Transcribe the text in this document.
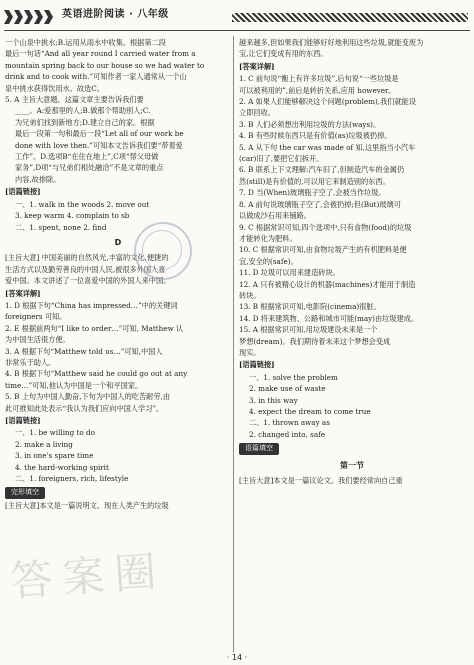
英语进阶阅读 · 八年级

一个山泉中挑水;B.运用从雨水中收集。根据第二段

最后一句话“And all year round I carried water from a

mountain spring back to our house so we had water to

drink and to cook with.”可知作者一家人通常从一个山

泉中挑水获得饮用水。故选C。

5. A 主旨大意题。这篇文章主要告诉我们要

____。A:爱那里的人;B.做那个帮助别人;C.

为兄弟们找到新地方;D.建立自己的家。根据

最后一段第一句和最后一段“Let all of our work be

done with love then.”可知本文告诉我们要“带着爱

工作”。D.选项B“在住在地上”,C项“帮父母做

家务”,D项“与兄弟们相处融洽”不是文章的重点

内容,故排除。

[语篇链接]

一、1. walk in the woods 2. move out

3. keep warm 4. complain to sb

二、1. spent, none 2. find

D

[主旨大意] 中国美丽的自然风光,丰富的文化,便捷的

生活方式以及勤劳善良的中国人民,被很多外国人喜

爱中国。本文讲述了一位喜爱中国的外国人来中国。

[答案详解]

1. D 根据下句“China has impressed…”中的关键词

foreigners 可知。

2. E 根据前两句“I like to order…”可知, Matthew 认

为中国生活很方便。

3. A 根据下句“Matthew told us…”可知,中国人

非常乐于助人。

4. B 根据下句“Matthew said he could go out at any

time…”可知,他认为中国是一个和平国家。

5. B 上句为中国人勤奋,下句为中国人的吃苦耐劳,由

此可推知此处表示“我认为我们应向中国人学习”。

[语篇链接]

一、1. be willing to do

2. make a living

3. in one's spare time

4. the hard-working spirit

二、1. foreigners, rich, lifestyle

完形填空

[主旨大意]本文是一篇说明文。现在人类产生的垃圾

越来越多,但如果我们能够好好地利用这些垃圾,就能变废为

宝,让它们变成有用的东西。

[答案详解]

1. C 前句说“衡上有许多垃圾”,后句说“一些垃圾是

可以被利用的”,前后是转折关系,应用 however。

2. A 如果人们能够解决这个问题(problem),我们就能设

立即回收。

3. B 人们必须想出利用垃圾的方法(ways)。

4. B 有些时候东西只是有价值(as)垃圾被扔掉。

5. A 从下句 the car was made of 知,这里指当小汽车

(car)旧了,要把它们拆开。

6. B 联系上下文理解:汽车旧了,但制造汽车的金属仍

然(still)是有价值的,可以用它来制造别的东西。

7. D 当(When)玻璃瓶子空了,会被当作垃圾。

8. A 前句说玻璃瓶子空了,会被扔掉;但(But)玻璃可

以做成沙石用来铺路。

9. C 根据常识可知,四个选项中,只有食物(food)的垃圾

才能转化为肥料。

10. C 根据常识可知,由食物垃圾产生的有机肥料是便

宜,安全的(safe)。

11. D 垃圾可以用来建造砖块。

12. A 只有被精心设计的机器(machines)才能用于制造

砖块。

13. B 根据常识可知,电影院(cinema)很脏。

14. D 将来建筑物、公路和城市可能(may)由垃圾建成。

15. A 根据常识可知,用垃圾建设未来是一个

梦想(dream)。我们期待着未来这个梦想会变成

现实。

[语篇链接]

一、1. solve the problem

2. make use of waste

3. in this way

4. expect the dream to come true

二、1. thrown away as

2. changed into, safe

语篇填空
第一节

[主旨大意]本文是一篇议论文。我们要经常向自己重

答案圈
· 14 ·
